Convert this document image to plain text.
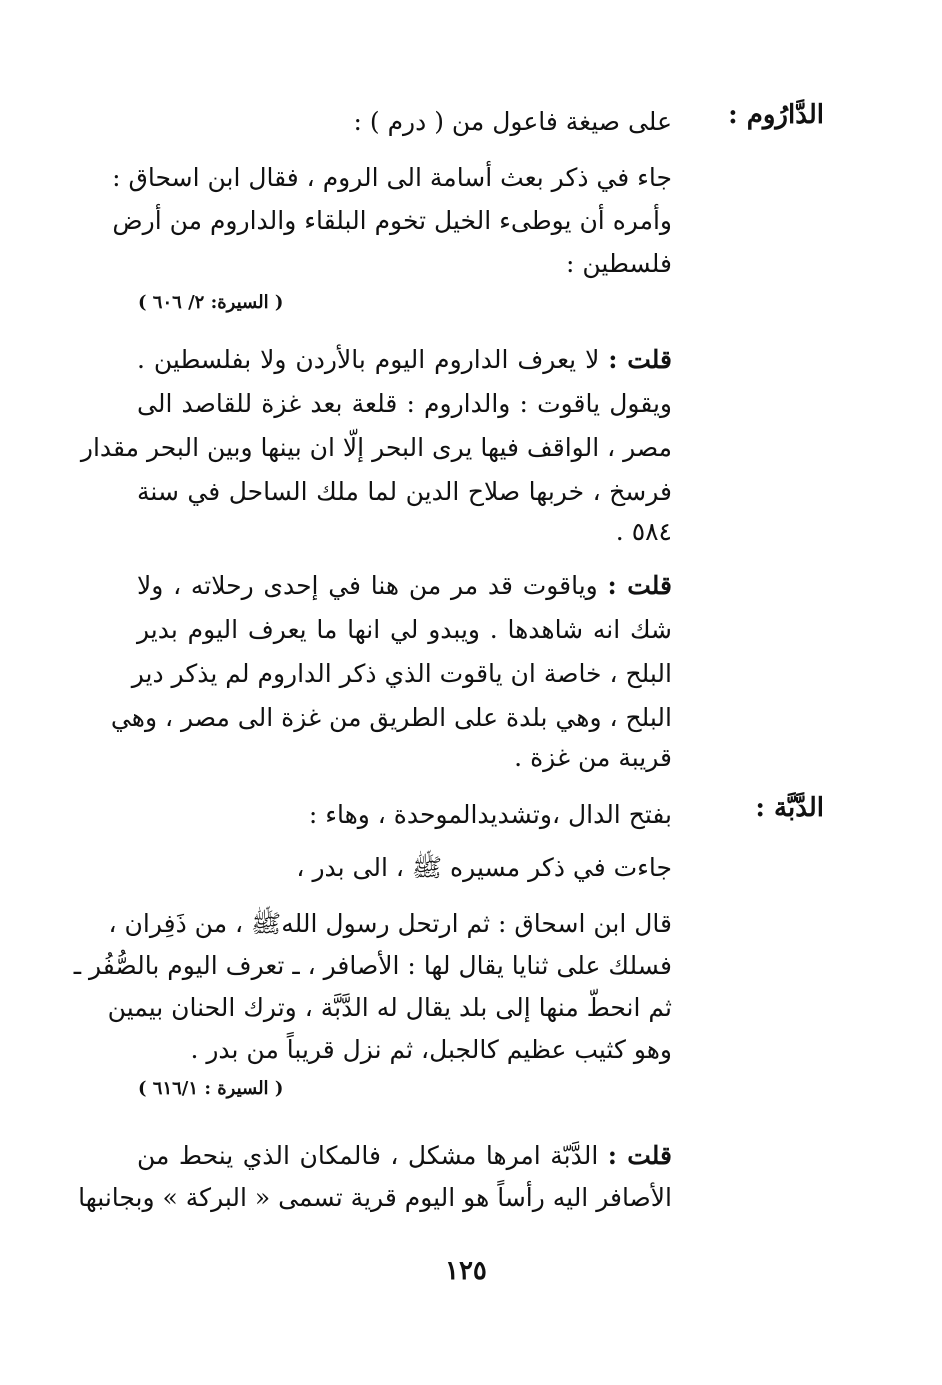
الدَّارُوم :
على صيغة فاعول من ( درم ) :
جاء في ذكر بعث أسامة الى الروم ، فقال ابن اسحاق :
وأمره أن يوطىء الخيل تخوم البلقاء والداروم من أرض
فلسطين :
( السيرة: ٢/ ٦٠٦ )
قلت : لا يعرف الداروم اليوم بالأردن ولا بفلسطين .
ويقول ياقوت : والداروم : قلعة بعد غزة للقاصد الى
مصر ، الواقف فيها يرى البحر إلّا ان بينها وبين البحر مقدار
فرسخ ، خربها صلاح الدين لما ملك الساحل في سنة
٥٨٤ .
قلت : وياقوت قد مر من هنا في إحدى رحلاته ، ولا
شك انه شاهدها . ويبدو لي انها ما يعرف اليوم بدير
البلح ، خاصة ان ياقوت الذي ذكر الداروم لم يذكر دير
البلح ، وهي بلدة على الطريق من غزة الى مصر ، وهي
قريبة من غزة .
الدَّبَّة :
بفتح الدال ،وتشديدالموحدة ، وهاء :
جاءت في ذكر مسيره ﷺ ، الى بدر ،
قال ابن اسحاق : ثم ارتحل رسول اللهﷺ ، من ذَفِران ،
فسلك على ثنايا يقال لها : الأصافر ، ـ تعرف اليوم بالصُّفُر ـ
ثم انحطّ منها إلى بلد يقال له الدَّبَّة ، وترك الحنان بيمين
وهو كثيب عظيم كالجبل، ثم نزل قريباً من بدر .
( السيرة : ٦١٦/١ )
قلت : الدَّبّة امرها مشكل ، فالمكان الذي ينحط من
الأصافر اليه رأساً هو اليوم قرية تسمى « البركة » وبجانبها
١٢٥
